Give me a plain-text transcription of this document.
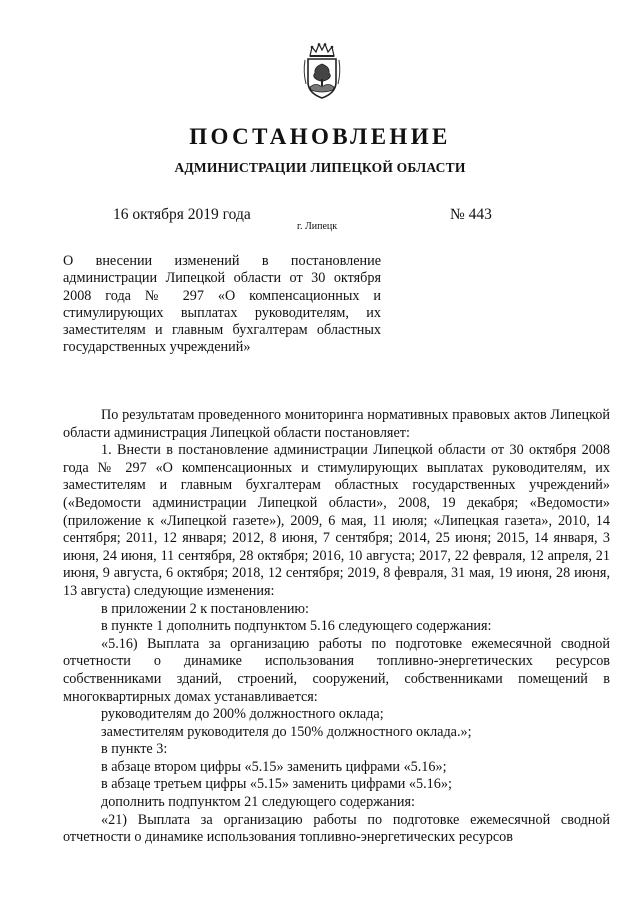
ПОСТАНОВЛЕНИЕ
АДМИНИСТРАЦИИ ЛИПЕЦКОЙ ОБЛАСТИ
16 октября 2019 года
г. Липецк
№ 443
О внесении изменений в постановление администрации Липецкой области от 30 октября 2008 года № 297 «О компенсационных и стимулирующих выплатах руководителям, их заместителям и главным бухгалтерам областных государственных учреждений»

По результатам проведенного мониторинга нормативных правовых актов Липецкой области администрация Липецкой области постановляет:

1. Внести в постановление администрации Липецкой области от 30 октября 2008 года № 297 «О компенсационных и стимулирующих выплатах руководителям, их заместителям и главным бухгалтерам областных государственных учреждений» («Ведомости администрации Липецкой области», 2008, 19 декабря; «Ведомости» (приложение к «Липецкой газете»), 2009, 6 мая, 11 июля; «Липецкая газета», 2010, 14 сентября; 2011, 12 января; 2012, 8 июня, 7 сентября; 2014, 25 июня; 2015, 14 января, 3 июня, 24 июня, 11 сентября, 28 октября; 2016, 10 августа; 2017, 22 февраля, 12 апреля, 21 июня, 9 августа, 6 октября; 2018, 12 сентября; 2019, 8 февраля, 31 мая, 19 июня, 28 июня, 13 августа) следующие изменения:

в приложении 2 к постановлению:

в пункте 1 дополнить подпунктом 5.16 следующего содержания:

«5.16) Выплата за организацию работы по подготовке ежемесячной сводной отчетности о динамике использования топливно-энергетических ресурсов собственниками зданий, строений, сооружений, собственниками помещений в многоквартирных домах устанавливается:

руководителям до 200% должностного оклада;

заместителям руководителя до 150% должностного оклада.»;

в пункте 3:

в абзаце втором цифры «5.15» заменить цифрами «5.16»;

в абзаце третьем цифры «5.15» заменить цифрами «5.16»;

дополнить подпунктом 21 следующего содержания:

«21) Выплата за организацию работы по подготовке ежемесячной сводной отчетности о динамике использования топливно-энергетических ресурсов
